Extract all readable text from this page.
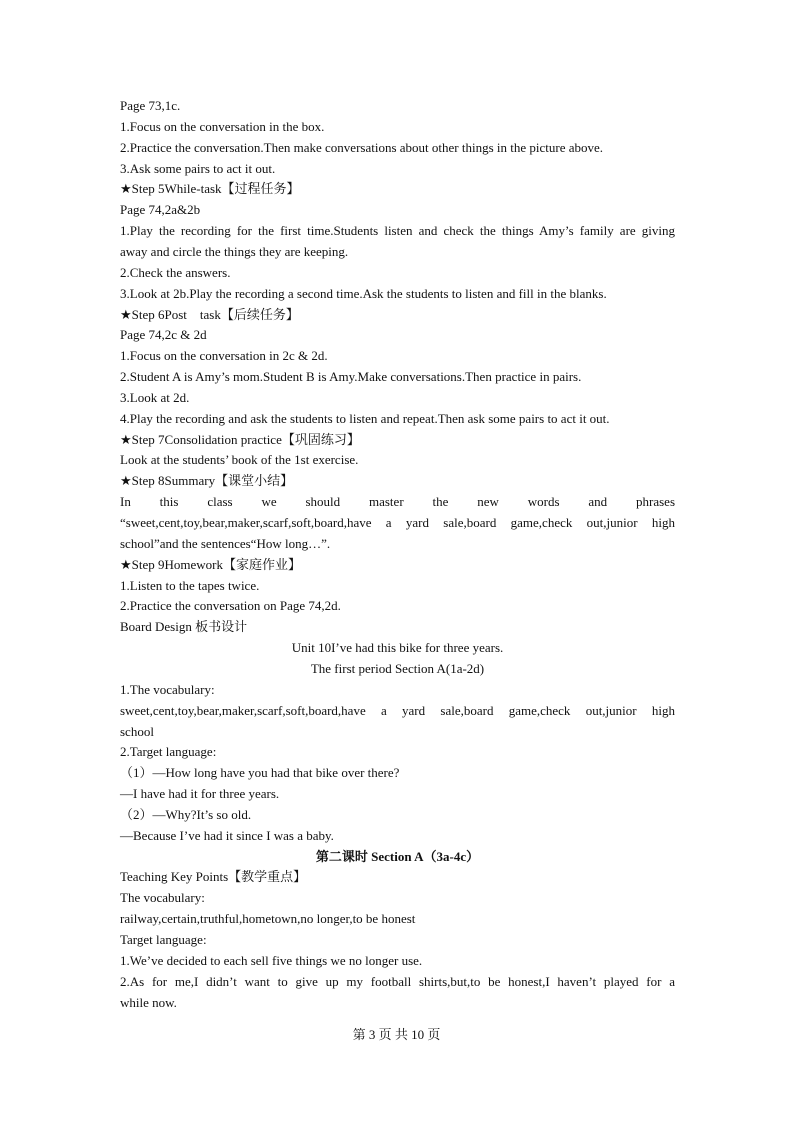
Page 73,1c.
1.Focus on the conversation in the box.
2.Practice the conversation.Then make conversations about other things in the picture above.
3.Ask some pairs to act it out.
★Step 5While-task【过程任务】
Page 74,2a&2b
1.Play the recording for the first time.Students listen and check the things Amy’s family are giving
away and circle the things they are keeping.
2.Check the answers.
3.Look at 2b.Play the recording a second time.Ask the students to listen and fill in the blanks.
★Step 6Post　task【后续任务】
Page 74,2c & 2d
1.Focus on the conversation in 2c & 2d.
2.Student A is Amy’s mom.Student B is Amy.Make conversations.Then practice in pairs.
3.Look at 2d.
4.Play the recording and ask the students to listen and repeat.Then ask some pairs to act it out.
★Step 7Consolidation practice【巩固练习】
Look at the students’ book of the 1st exercise.
★Step 8Summary【课堂小结】
In this class we should master the new words and phrases
“sweet,cent,toy,bear,maker,scarf,soft,board,have a yard sale,board game,check out,junior high
school”and the sentences“How long…”.
★Step 9Homework【家庭作业】
1.Listen to the tapes twice.
2.Practice the conversation on Page 74,2d.
Board Design 板书设计
Unit 10I’ve had this bike for three years.
The first period Section A(1a-2d)
1.The vocabulary:
sweet,cent,toy,bear,maker,scarf,soft,board,have a yard sale,board game,check out,junior high
school
2.Target language:
（1）—How long have you had that bike over there?
—I have had it for three years.
（2）—Why?It’s so old.
—Because I’ve had it since I was a baby.
第二课时 Section A（3a-4c）
Teaching Key Points【教学重点】
The vocabulary:
railway,certain,truthful,hometown,no longer,to be honest
Target language:
1.We’ve decided to each sell five things we no longer use.
2.As for me,I didn’t want to give up my football shirts,but,to be honest,I haven’t played for a
while now.
第 3 页 共 10 页
